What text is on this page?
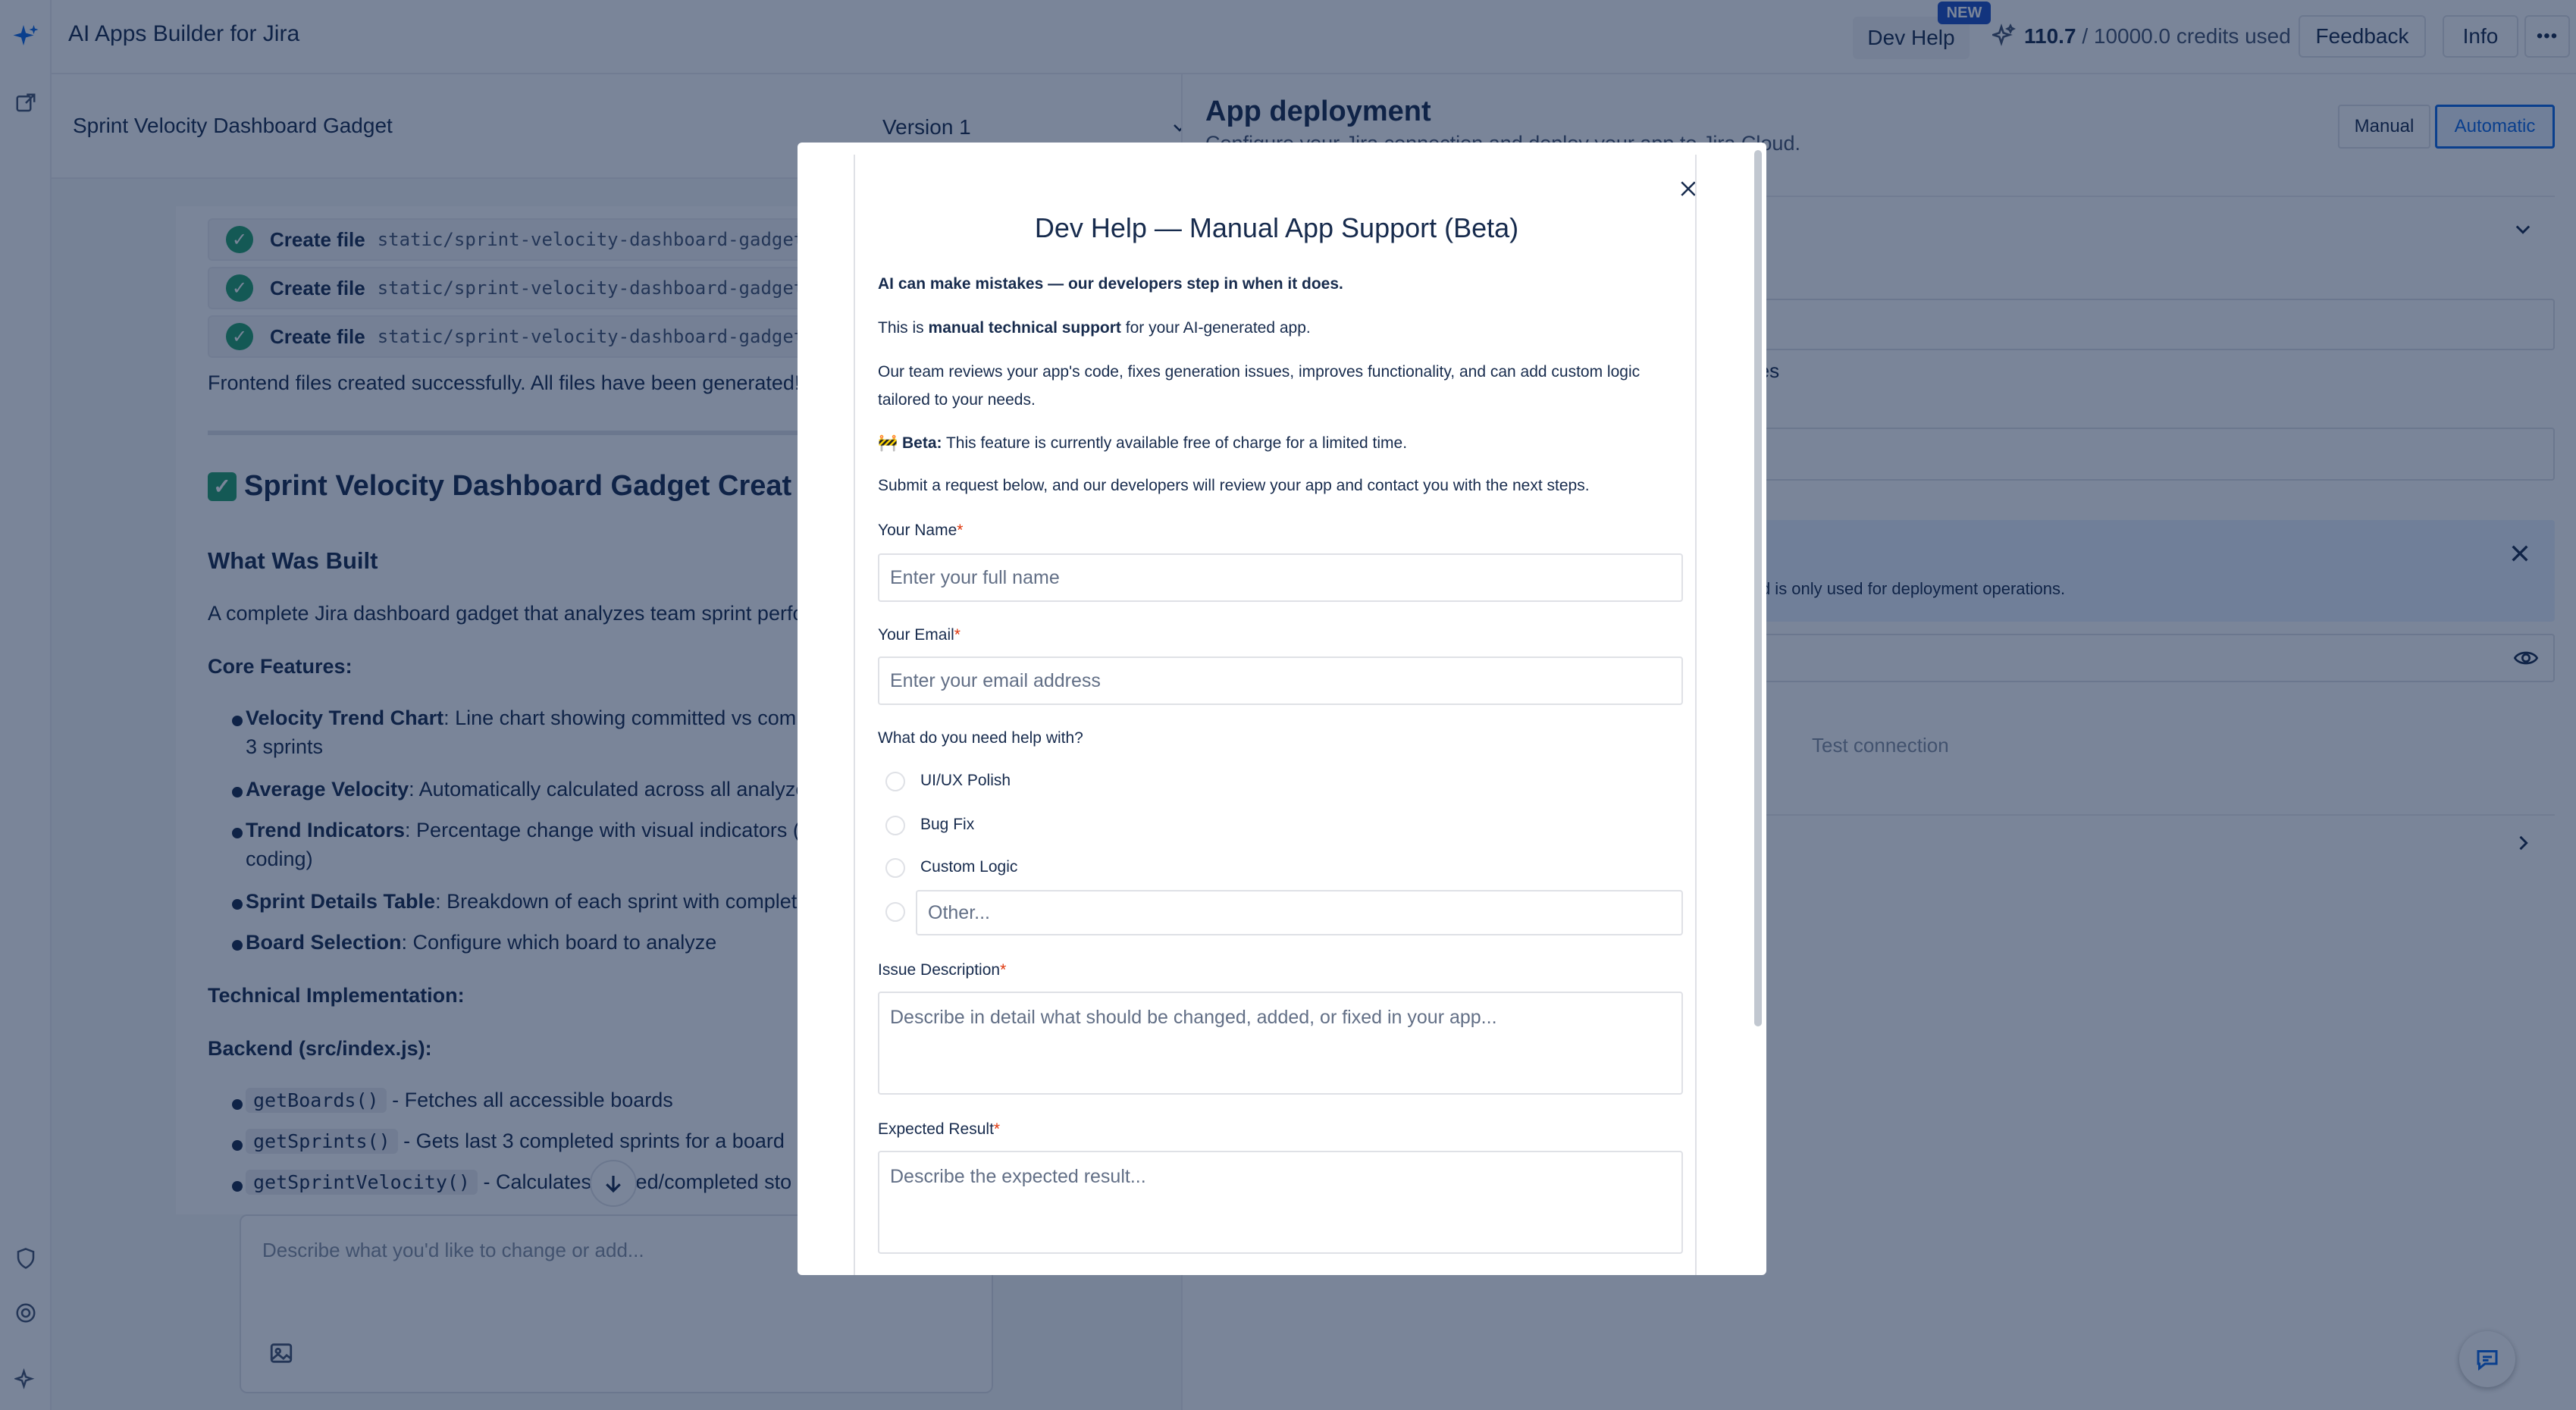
Dev Help — Manual App Support (Beta)
AI can make mistakes — our developers step in when it does.
This is manual technical support for your AI-generated app.
Our team reviews your app's code, fixes generation issues, improves functionality, and can add custom logic tailored to your needs.
🚧 Beta: This feature is currently available free of charge for a limited time.
Submit a request below, and our developers will review your app and contact you with the next steps.
Your Name*
Enter your full name
Your Email*
Enter your email address
What do you need help with?
UI/UX Polish
Bug Fix
Custom Logic
Other...
Issue Description*
Describe in detail what should be changed, added, or fixed in your app...
Expected Result*
Describe the expected result...
